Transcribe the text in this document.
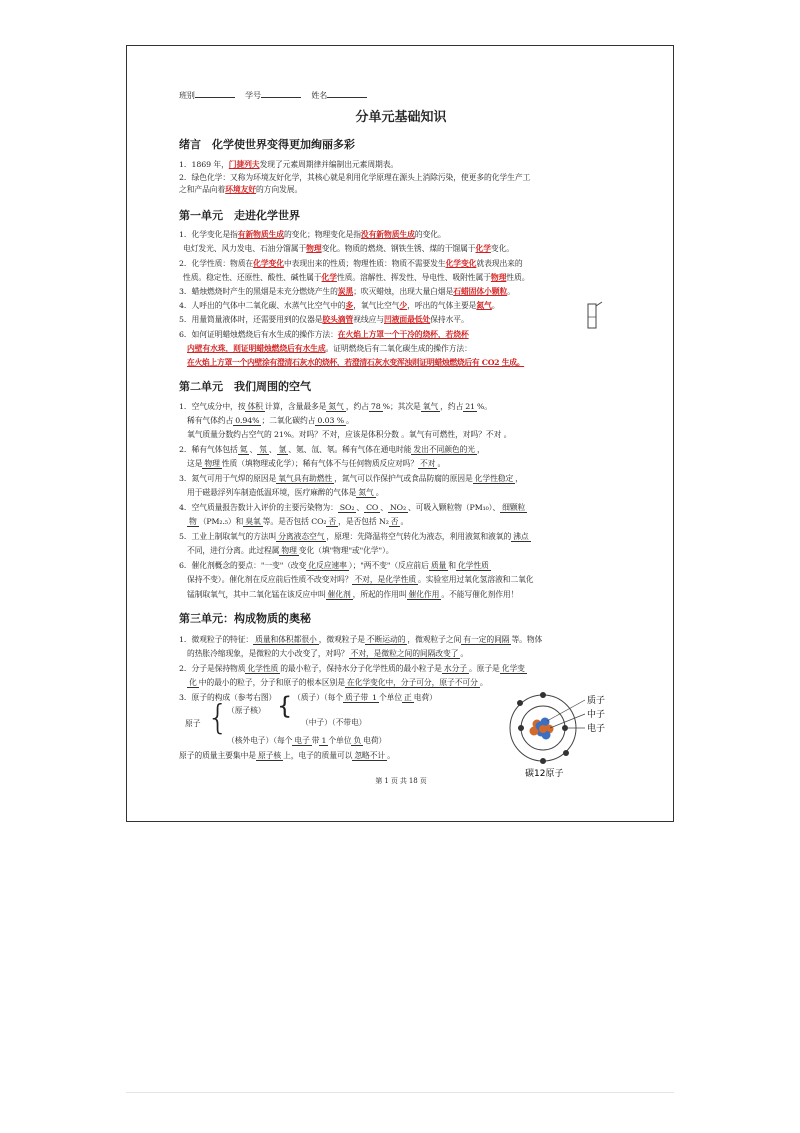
班别 　	学号 　	姓名
分单元基础知识
绪言　化学使世界变得更加绚丽多彩
1．1869 年，门捷列夫发现了元素周期律并编制出元素周期表。
2．绿色化学：又称为环境友好化学，其核心就是利用化学原理在源头上消除污染，使更多的化学生产工
之和产品向着环境友好的方向发展。
第一单元　走进化学世界
1．化学变化是指有新物质生成的变化；物理变化是指没有新物质生成的变化。
电灯发光、风力发电、石油分馏属于物理变化。物质的燃烧、钢铁生锈、煤的干馏属于化学变化。
2．化学性质：物质在化学变化中表现出来的性质；物理性质：物质不需要发生化学变化就表现出来的
性质。稳定性、还原性、酸性、碱性属于化学性质。溶解性、挥发性、导电性、吸附性属于物理性质。
3．蜡烛燃烧时产生的黑烟是未充分燃烧产生的炭黑；吹灭蜡烛，出现大量白烟是石蜡固体小颗粒。
4．人呼出的气体中二氧化碳、水蒸气比空气中的多，氧气比空气少，呼出的气体主要是氮气。
5．用量筒量液体时，还需要用到的仪器是胶头滴管视线应与凹液面最低处保持水平。
6．如何证明蜡烛燃烧后有水生成的操作方法：在火焰上方罩一个干冷的烧杯，若烧杯
内壁有水珠，则证明蜡烛燃烧后有水生成。证明燃烧后有二氧化碳生成的操作方法：
在火焰上方罩一个内壁涂有澄清石灰水的烧杯，若澄清石灰水变浑浊则证明蜡烛燃烧后有 CO2 生成。
第二单元　我们周围的空气
1．空气成分中，按 体积 计算，含量最多是 氮气 ，约占 78 %；其次是 氧气 ，约占 21 %。
稀有气体约占 0.94% ；二氧化碳约占 0.03 % 。
氧气质量分数约占空气的 21%。对吗？不对，应该是体积分数 。氧气有可燃性，对吗？不对 。
2．稀有气体包括 氦 、 氖 、 氩 、氪、氙、氡。稀有气体在通电时能 发出不同颜色的光 ，
这是 物理 性质（填物理或化学）；稀有气体不与任何物质反应对吗？ 不对 。
3．氮气可用于气焊的原因是 氧气具有助燃性 ，氮气可以作保护气或食品防腐的原因是 化学性稳定 ，
用于磁悬浮列车制造低温环境，医疗麻醉的气体是 氮气 。
4．空气质量报告数计入评价的主要污染物为： SO₂ 、 CO 、 NO₂ 、可吸入颗粒物（PM₁₀）、 细颗粒
物 （PM₂.₅）和 臭氧 等。是否包括 CO₂ 否 ，是否包括 N₂ 否 。
5．工业上制取氧气的方法叫 分离液态空气 ，原理：先降温将空气转化为液态，利用液氮和液氧的 沸点
不同，进行分离。此过程属 物理 变化（填"物理"或"化学"）。
6．催化剂概念的要点："一变"（改变 化反应速率 ）；"两不变"（反应前后 质量 和 化学性质
保持不变）。催化剂在反应前后性质不改变对吗？ 不对，是化学性质 。实验室用过氧化氢溶液和二氧化
锰制取氧气，其中二氧化锰在该反应中叫 催化剂 ，所起的作用叫 催化作用 。不能写催化剂作用！
第三单元：构成物质的奥秘
1．微观粒子的特征： 质量和体积都很小 ，微观粒子是 不断运动的 ，微观粒子之间 有一定的间隔 等。物体
的热胀冷缩现象，是微粒的大小改变了，对吗？ 不对，是微粒之间的间隔改变了 。
2．分子是保持物质 化学性质 的最小粒子，保持水分子化学性质的最小粒子是 水分子 。原子是 化学变
化 中的最小的粒子，分子和原子的根本区别是 在化学变化中，分子可分，原子不可分 。
3．原子的构成（参考右图）
原子 {
（原子核） { （质子）（每个 质子带 1 个单位 正 电荷）
（中子）（不带电）
（核外电子）（每个 电子 带 1 个单位 负 电荷）
原子的质量主要集中是 原子核 上，电子的质量可以 忽略不计 。
质子
中子
电子
碳12原子
第 1 页 共 18 页
